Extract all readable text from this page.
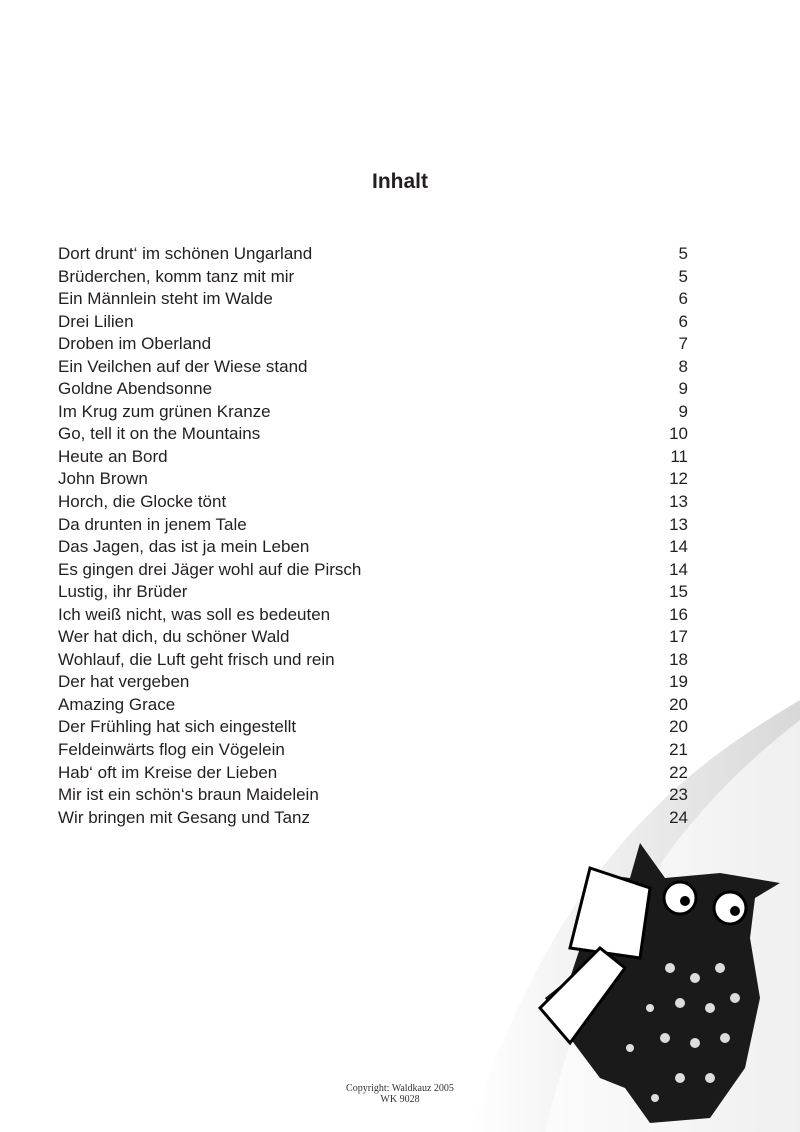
Inhalt
Dort drunt‘ im schönen Ungarland	5
Brüderchen, komm tanz mit mir	5
Ein Männlein steht im Walde	6
Drei Lilien	6
Droben im Oberland	7
Ein Veilchen auf der Wiese stand	8
Goldne Abendsonne	9
Im Krug zum grünen Kranze	9
Go, tell it on the Mountains	10
Heute an Bord	11
John Brown	12
Horch, die Glocke tönt	13
Da drunten in jenem Tale	13
Das Jagen, das ist ja mein Leben	14
Es gingen drei Jäger wohl auf die Pirsch	14
Lustig, ihr Brüder	15
Ich weiß nicht, was soll es bedeuten	16
Wer hat dich, du schöner Wald	17
Wohlauf, die Luft geht frisch und rein	18
Der hat vergeben	19
Amazing Grace	20
Der Frühling hat sich eingestellt	20
Feldeinwärts flog ein Vögelein	21
Hab‘ oft im Kreise der Lieben	22
Mir ist ein schön‘s braun Maidelein	23
Wir bringen mit Gesang und Tanz	24
Copyright: Waldkauz 2005
WK 9028
